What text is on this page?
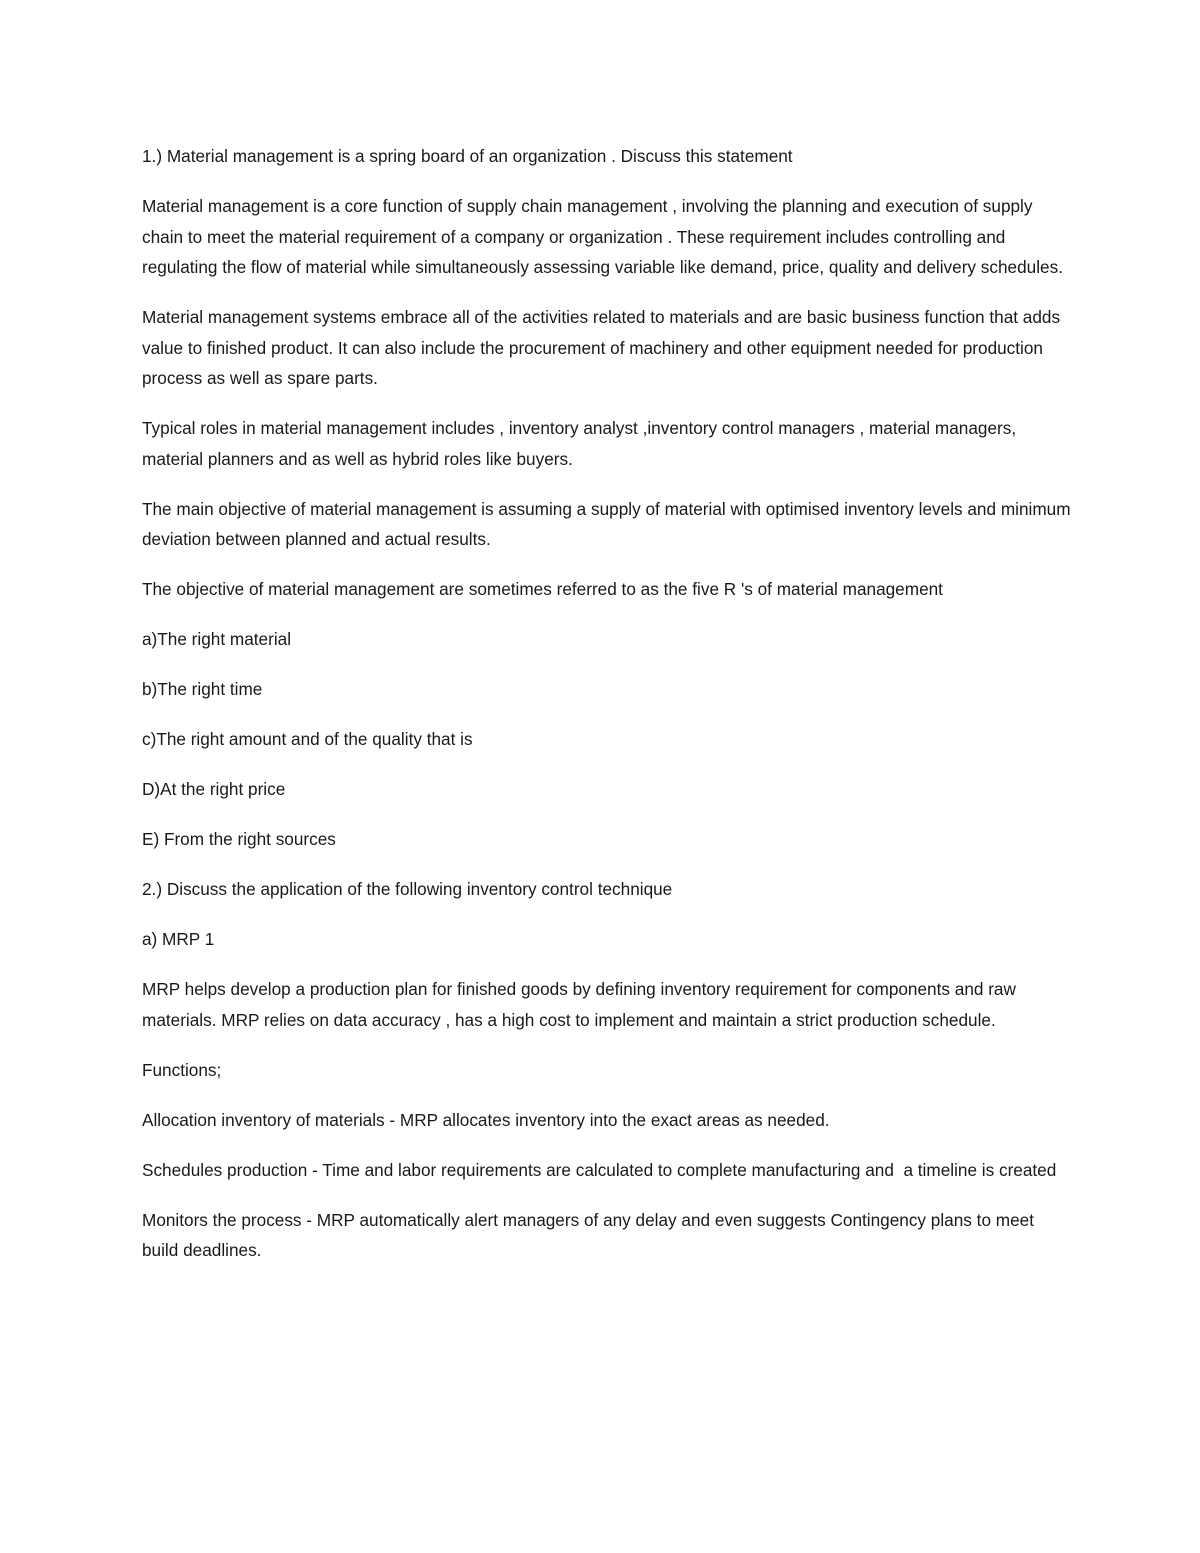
1.) Material management is a spring board of an organization . Discuss this statement

Material management is a core function of supply chain management , involving the planning and execution of supply chain to meet the material requirement of a company or organization . These requirement includes controlling and regulating the flow of material while simultaneously assessing variable like demand, price, quality and delivery schedules.

Material management systems embrace all of the activities related to materials and are basic business function that adds value to finished product. It can also include the procurement of machinery and other equipment needed for production process as well as spare parts.

Typical roles in material management includes , inventory analyst ,inventory control managers , material managers, material planners and as well as hybrid roles like buyers.

The main objective of material management is assuming a supply of material with optimised inventory levels and minimum deviation between planned and actual results.

The objective of material management are sometimes referred to as the five R 's of material management

a)The right material

b)The right time

c)The right amount and of the quality that is

D)At the right price

E) From the right sources

2.) Discuss the application of the following inventory control technique

a) MRP 1

MRP helps develop a production plan for finished goods by defining inventory requirement for components and raw materials. MRP relies on data accuracy , has a high cost to implement and maintain a strict production schedule.

Functions;

Allocation inventory of materials - MRP allocates inventory into the exact areas as needed.

Schedules production - Time and labor requirements are calculated to complete manufacturing and  a timeline is created

Monitors the process - MRP automatically alert managers of any delay and even suggests Contingency plans to meet build deadlines.
